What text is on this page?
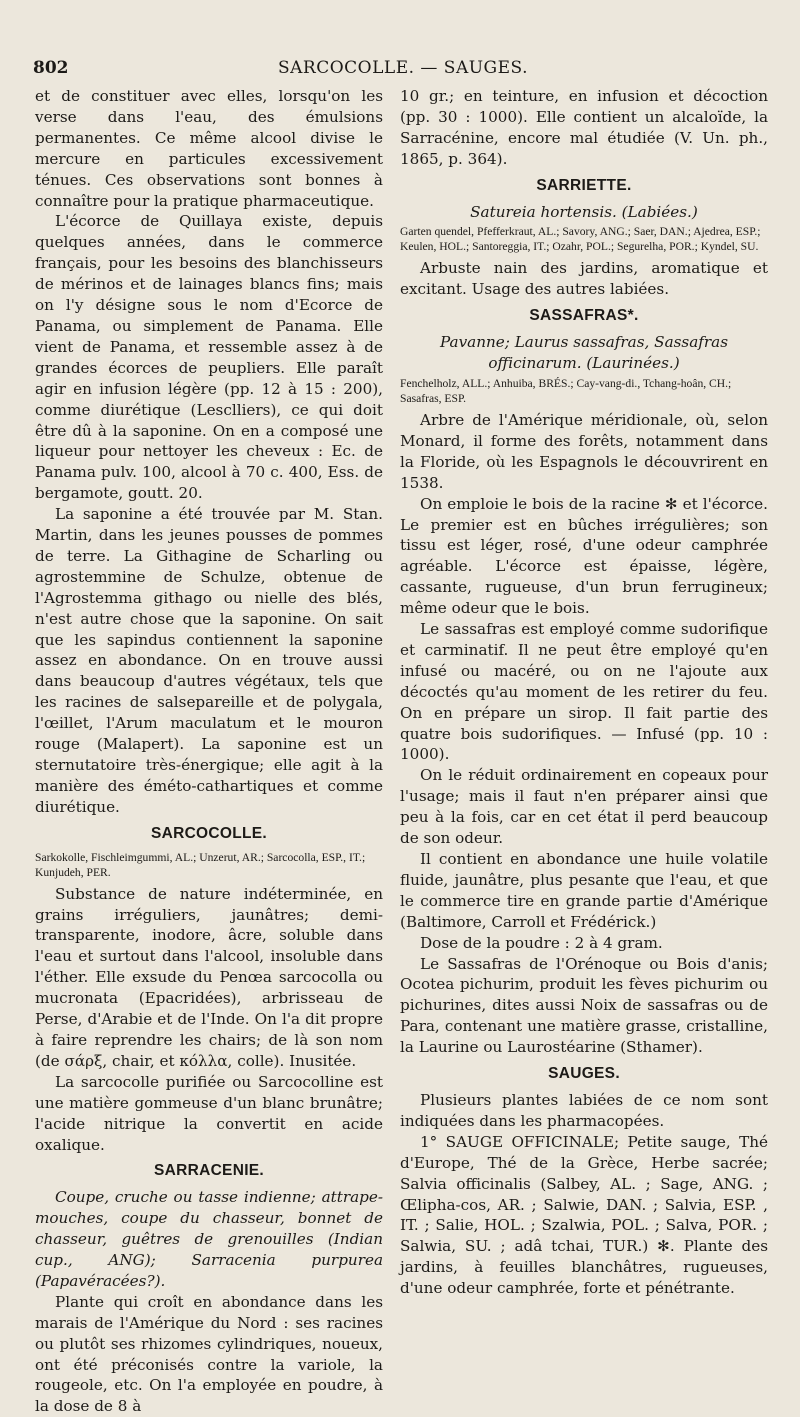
802	SARCOCOLLE. — SAUGES.

et de constituer avec elles, lorsqu'on les verse dans l'eau, des émulsions permanentes. Ce même alcool divise le mercure en particules excessivement ténues. Ces observations sont bonnes à connaître pour la pratique pharmaceutique.

L'écorce de Quillaya existe, depuis quelques années, dans le commerce français, pour les besoins des blanchisseurs de mérinos et de lainages blancs fins; mais on l'y désigne sous le nom d'Ecorce de Panama, ou simplement de Panama. Elle vient de Panama, et ressemble assez à de grandes écorces de peupliers. Elle paraît agir en infusion légère (pp. 12 à 15 : 200), comme diurétique (Lesclliers), ce qui doit être dû à la saponine. On en a composé une liqueur pour nettoyer les cheveux : Ec. de Panama pulv. 100, alcool à 70 c. 400, Ess. de bergamote, goutt. 20.

La saponine a été trouvée par M. Stan. Martin, dans les jeunes pousses de pommes de terre. La Githagine de Scharling ou agrostemmine de Schulze, obtenue de l'Agrostemma githago ou nielle des blés, n'est autre chose que la saponine. On sait que les sapindus contiennent la saponine assez en abondance. On en trouve aussi dans beaucoup d'autres végétaux, tels que les racines de salsepareille et de polygala, l'œillet, l'Arum maculatum et le mouron rouge (Malapert). La saponine est un sternutatoire très-énergique; elle agit à la manière des éméto-cathartiques et comme diurétique.

SARCOCOLLE.

Sarkokolle, Fischleimgummi, AL.; Unzerut, AR.; Sarcocolla, ESP., IT.; Kunjudeh, PER.

Substance de nature indéterminée, en grains irréguliers, jaunâtres; demi-transparente, inodore, âcre, soluble dans l'eau et surtout dans l'alcool, insoluble dans l'éther. Elle exsude du Penœa sarcocolla ou mucronata (Epacridées), arbrisseau de Perse, d'Arabie et de l'Inde. On l'a dit propre à faire reprendre les chairs; de là son nom (de σάρξ, chair, et κόλλα, colle). Inusitée.

La sarcocolle purifiée ou Sarcocolline est une matière gommeuse d'un blanc brunâtre; l'acide nitrique la convertit en acide oxalique.

SARRACENIE.

Coupe, cruche ou tasse indienne; attrape-mouches, coupe du chasseur, bonnet de chasseur, guêtres de grenouilles (Indian cup., ANG); Sarracenia purpurea (Papavéracées?).

Plante qui croît en abondance dans les marais de l'Amérique du Nord : ses racines ou plutôt ses rhizomes cylindriques, noueux, ont été préconisés contre la variole, la rougeole, etc. On l'a employée en poudre, à la dose de 8 à

10 gr.; en teinture, en infusion et décoction (pp. 30 : 1000). Elle contient un alcaloïde, la Sarracénine, encore mal étudiée (V. Un. ph., 1865, p. 364).

SARRIETTE.

Satureia hortensis. (Labiées.)

Garten quendel, Pfefferkraut, AL.; Savory, ANG.; Saer, DAN.; Ajedrea, ESP.; Keulen, HOL.; Santoreggia, IT.; Ozahr, POL.; Segurelha, POR.; Kyndel, SU.

Arbuste nain des jardins, aromatique et excitant. Usage des autres labiées.

SASSAFRAS*.

Pavanne; Laurus sassafras, Sassafras officinarum. (Laurinées.)

Fenchelholz, ALL.; Anhuiba, BRÉS.; Cay-vang-di., Tchang-hoân, CH.; Sasafras, ESP.

Arbre de l'Amérique méridionale, où, selon Monard, il forme des forêts, notamment dans la Floride, où les Espagnols le découvrirent en 1538.

On emploie le bois de la racine ✻ et l'écorce. Le premier est en bûches irrégulières; son tissu est léger, rosé, d'une odeur camphrée agréable. L'écorce est épaisse, légère, cassante, rugueuse, d'un brun ferrugineux; même odeur que le bois.

Le sassafras est employé comme sudorifique et carminatif. Il ne peut être employé qu'en infusé ou macéré, ou on ne l'ajoute aux décoctés qu'au moment de les retirer du feu. On en prépare un sirop. Il fait partie des quatre bois sudorifiques. — Infusé (pp. 10 : 1000).

On le réduit ordinairement en copeaux pour l'usage; mais il faut n'en préparer ainsi que peu à la fois, car en cet état il perd beaucoup de son odeur.

Il contient en abondance une huile volatile fluide, jaunâtre, plus pesante que l'eau, et que le commerce tire en grande partie d'Amérique (Baltimore, Carroll et Frédérick.)

Dose de la poudre : 2 à 4 gram.

Le Sassafras de l'Orénoque ou Bois d'anis; Ocotea pichurim, produit les fèves pichurim ou pichurines, dites aussi Noix de sassafras ou de Para, contenant une matière grasse, cristalline, la Laurine ou Laurostéarine (Sthamer).

SAUGES.

Plusieurs plantes labiées de ce nom sont indiquées dans les pharmacopées.

1° SAUGE OFFICINALE; Petite sauge, Thé d'Europe, Thé de la Grèce, Herbe sacrée; Salvia officinalis (Salbey, AL. ; Sage, ANG. ; Œlipha-cos, AR. ; Salwie, DAN. ; Salvia, ESP. , IT. ; Salie, HOL. ; Szalwia, POL. ; Salva, POR. ; Salwia, SU. ; adâ tchai, TUR.) ✻. Plante des jardins, à feuilles blanchâtres, rugueuses, d'une odeur camphrée, forte et pénétrante.
